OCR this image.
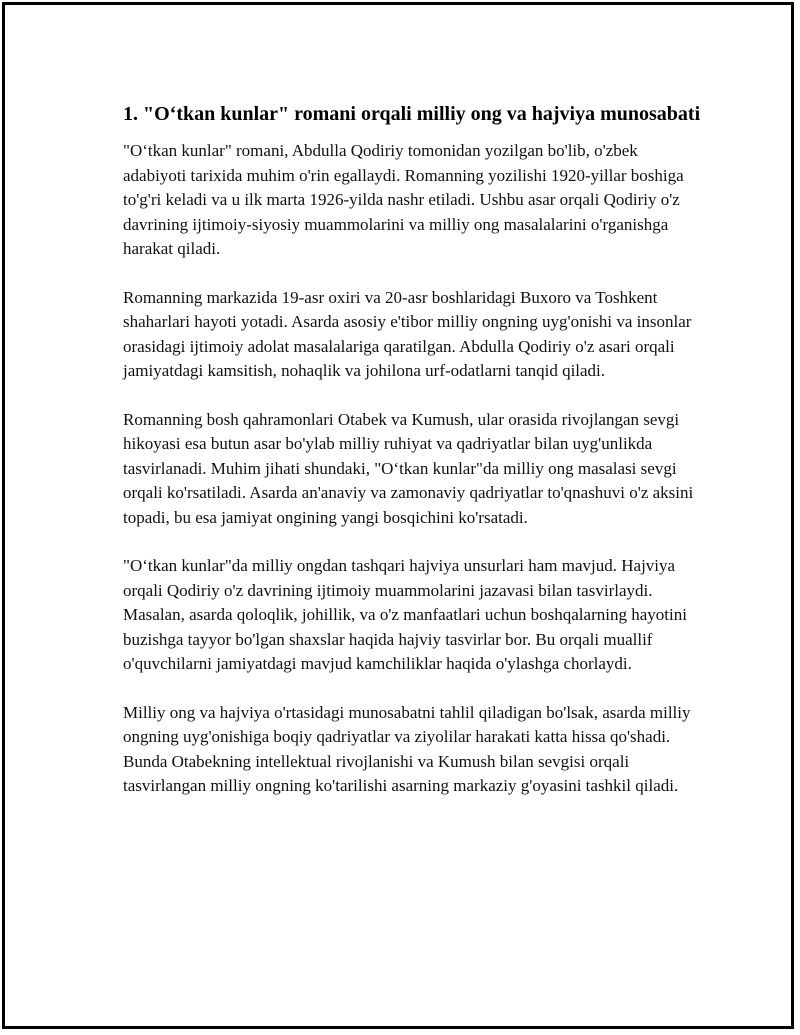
1. "O‘tkan kunlar" romani orqali milliy ong va hajviya munosabati

"O‘tkan kunlar" romani, Abdulla Qodiriy tomonidan yozilgan bo'lib, o'zbek adabiyoti tarixida muhim o'rin egallaydi. Romanning yozilishi 1920-yillar boshiga to'g'ri keladi va u ilk marta 1926-yilda nashr etiladi. Ushbu asar orqali Qodiriy o'z davrining ijtimoiy-siyosiy muammolarini va milliy ong masalalarini o'rganishga harakat qiladi.

Romanning markazida 19-asr oxiri va 20-asr boshlaridagi Buxoro va Toshkent shaharlari hayoti yotadi. Asarda asosiy e'tibor milliy ongning uyg'onishi va insonlar orasidagi ijtimoiy adolat masalalariga qaratilgan. Abdulla Qodiriy o'z asari orqali jamiyatdagi kamsitish, nohaqlik va johilona urf-odatlarni tanqid qiladi.

Romanning bosh qahramonlari Otabek va Kumush, ular orasida rivojlangan sevgi hikoyasi esa butun asar bo'ylab milliy ruhiyat va qadriyatlar bilan uyg'unlikda tasvirlanadi. Muhim jihati shundaki, "O‘tkan kunlar"da milliy ong masalasi sevgi orqali ko'rsatiladi. Asarda an'anaviy va zamonaviy qadriyatlar to'qnashuvi o'z aksini topadi, bu esa jamiyat ongining yangi bosqichini ko'rsatadi.

"O‘tkan kunlar"da milliy ongdan tashqari hajviya unsurlari ham mavjud. Hajviya orqali Qodiriy o'z davrining ijtimoiy muammolarini jazavasi bilan tasvirlaydi. Masalan, asarda qoloqlik, johillik, va o'z manfaatlari uchun boshqalarning hayotini buzishga tayyor bo'lgan shaxslar haqida hajviy tasvirlar bor. Bu orqali muallif o'quvchilarni jamiyatdagi mavjud kamchiliklar haqida o'ylashga chorlaydi.

Milliy ong va hajviya o'rtasidagi munosabatni tahlil qiladigan bo'lsak, asarda milliy ongning uyg'onishiga boqiy qadriyatlar va ziyolilar harakati katta hissa qo'shadi. Bunda Otabekning intellektual rivojlanishi va Kumush bilan sevgisi orqali tasvirlangan milliy ongning ko'tarilishi asarning markaziy g'oyasini tashkil qiladi.
